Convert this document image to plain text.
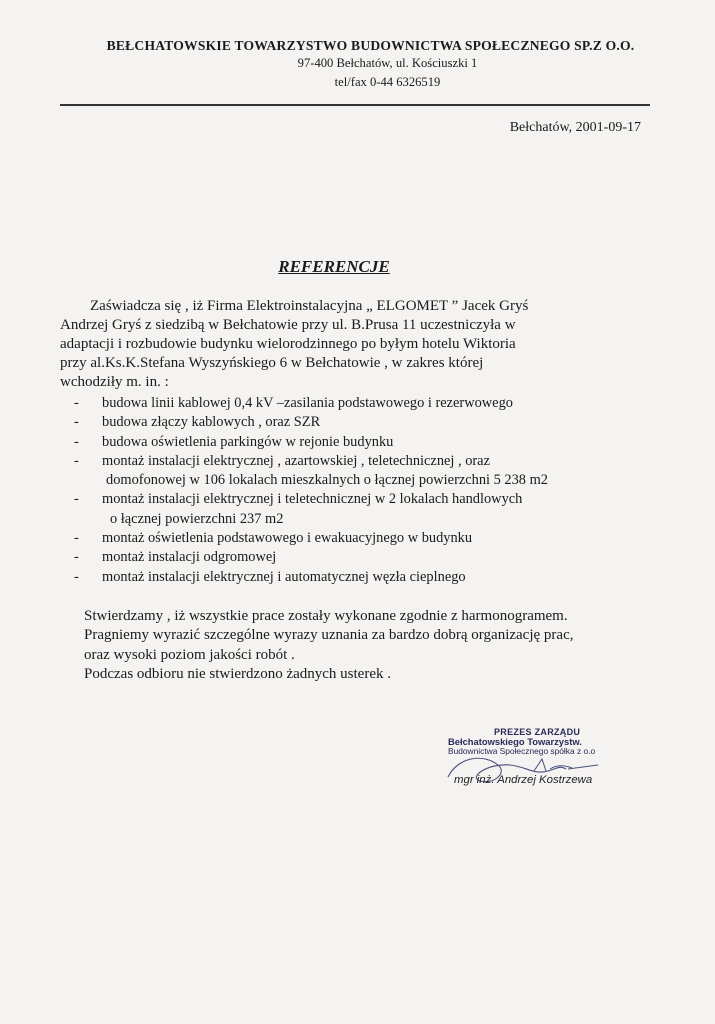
BEŁCHATOWSKIE TOWARZYSTWO BUDOWNICTWA SPOŁECZNEGO SP.Z O.O.
97-400 Bełchatów, ul. Kościuszki 1
tel/fax 0-44 6326519
Bełchatów, 2001-09-17
REFERENCJE

Zaświadcza się , iż Firma Elektroinstalacyjna „ ELGOMET ” Jacek Gryś
Andrzej Gryś z siedzibą w Bełchatowie przy ul. B.Prusa 11 uczestniczyła w
adaptacji i rozbudowie budynku wielorodzinnego po byłym hotelu Wiktoria
przy al.Ks.K.Stefana Wyszyńskiego 6 w Bełchatowie , w zakres której
wchodziły m. in. :

- budowa linii kablowej 0,4 kV –zasilania podstawowego i rezerwowego
- budowa złączy kablowych , oraz SZR
- budowa oświetlenia parkingów w rejonie budynku
- montaż instalacji elektrycznej , azartowskiej , teletechnicznej , oraz
domofonowej w 106 lokalach mieszkalnych o łącznej powierzchni 5 238 m2
- montaż instalacji elektrycznej i teletechnicznej w 2 lokalach handlowych
o łącznej powierzchni 237 m2
- montaż oświetlenia podstawowego i ewakuacyjnego w budynku
- montaż instalacji odgromowej
- montaż instalacji elektrycznej i automatycznej węzła cieplnego

Stwierdzamy , iż wszystkie prace zostały wykonane zgodnie z harmonogramem.
Pragniemy wyrazić szczególne wyrazy uznania za bardzo dobrą organizację prac,
oraz wysoki poziom jakości robót .
Podczas odbioru nie stwierdzono żadnych usterek .

PREZES ZARZĄDU
Bełchatowskiego Towarzystw.
Budownictwa Społecznego spółka z o.o
mgr inż. Andrzej Kostrzewa
